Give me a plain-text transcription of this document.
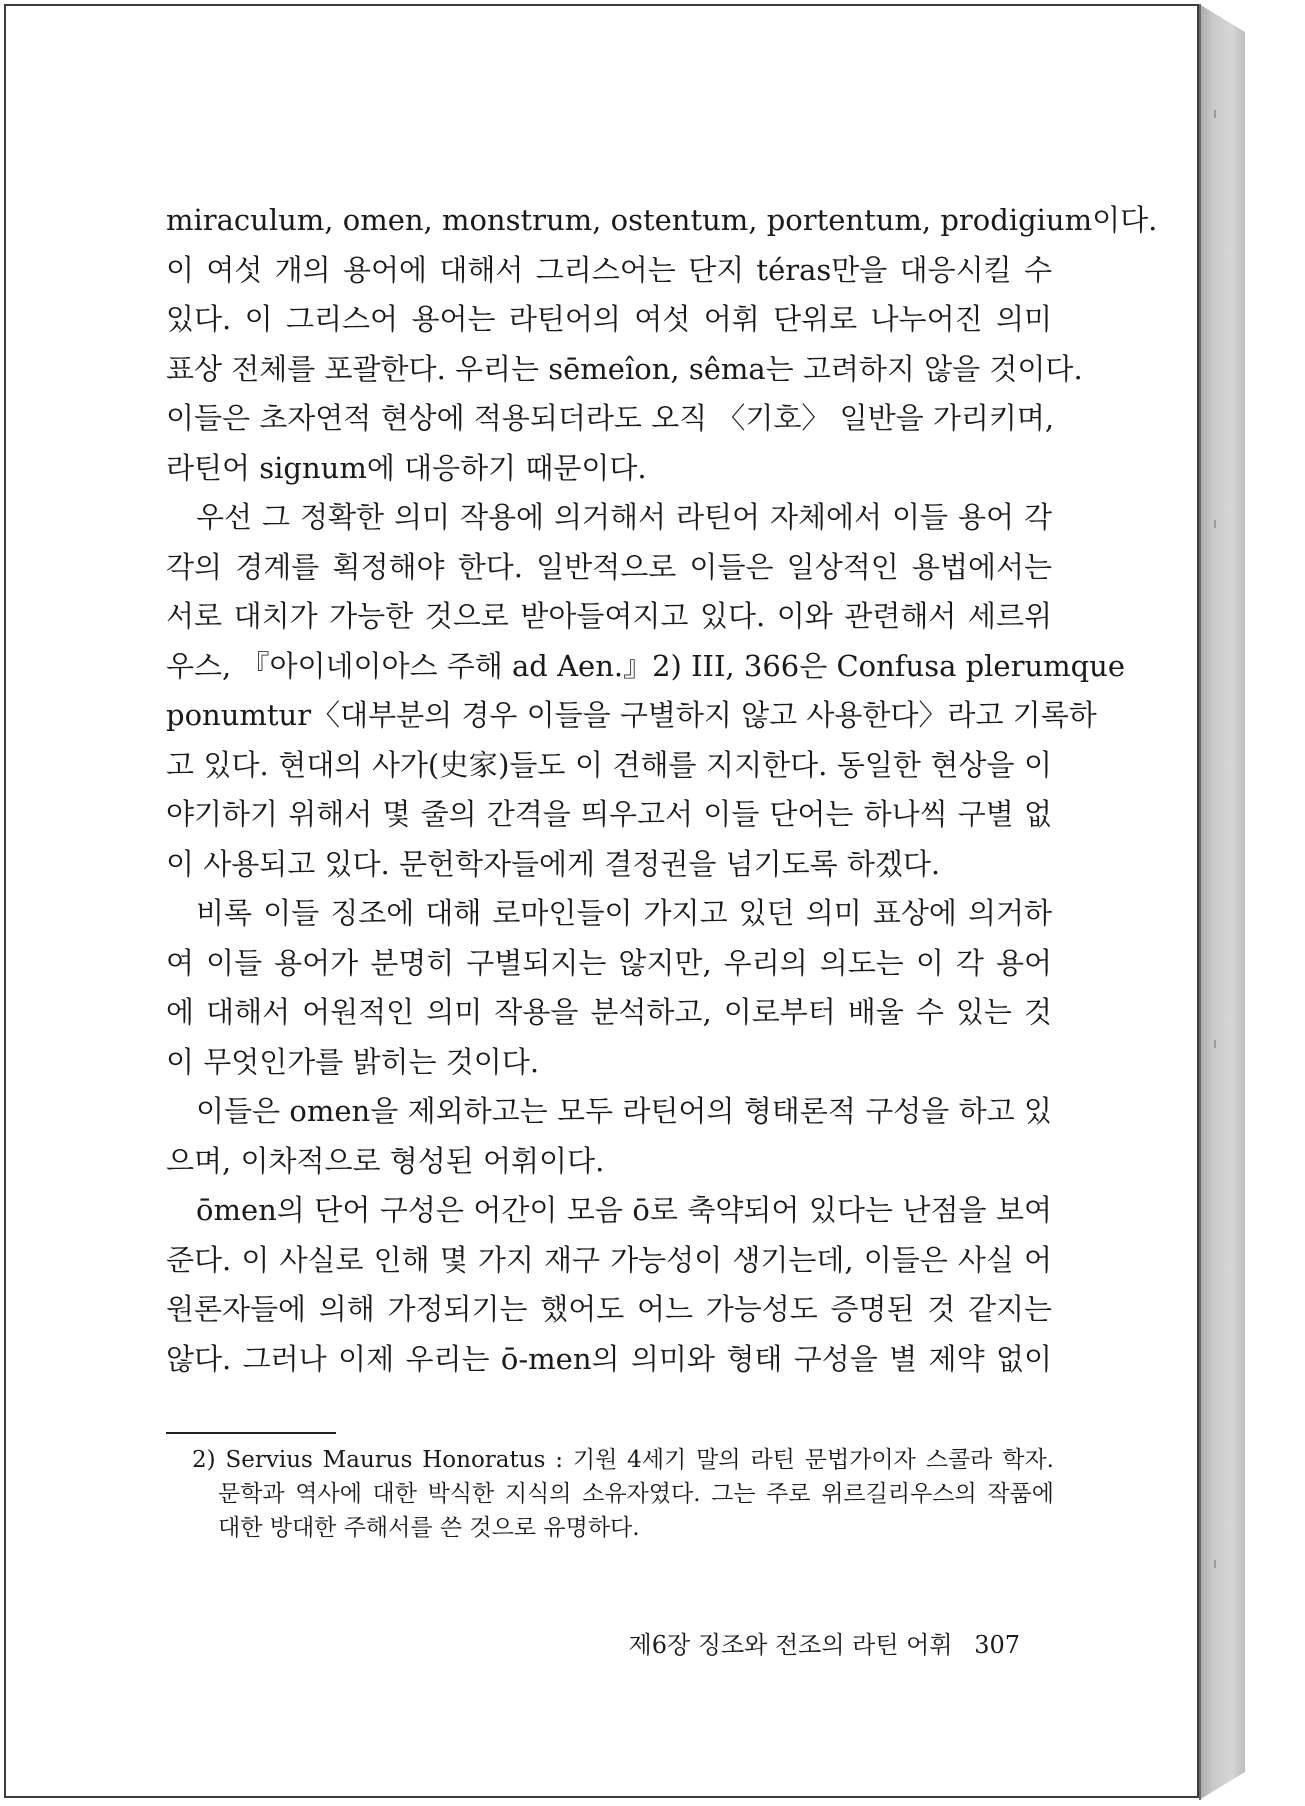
miraculum, omen, monstrum, ostentum, portentum, prodigium이다.
이 여섯 개의 용어에 대해서 그리스어는 단지 téras만을 대응시킬 수
있다. 이 그리스어 용어는 라틴어의 여섯 어휘 단위로 나누어진 의미
표상 전체를 포괄한다. 우리는 sēmeîon, sêma는 고려하지 않을 것이다.
이들은 초자연적 현상에 적용되더라도 오직 〈기호〉 일반을 가리키며,
라틴어 signum에 대응하기 때문이다.
우선 그 정확한 의미 작용에 의거해서 라틴어 자체에서 이들 용어 각
각의 경계를 획정해야 한다. 일반적으로 이들은 일상적인 용법에서는
서로 대치가 가능한 것으로 받아들여지고 있다. 이와 관련해서 세르위
우스, 『아이네이아스 주해 ad Aen.』2) III, 366은 Confusa plerumque
ponumtur〈대부분의 경우 이들을 구별하지 않고 사용한다〉라고 기록하
고 있다. 현대의 사가(史家)들도 이 견해를 지지한다. 동일한 현상을 이
야기하기 위해서 몇 줄의 간격을 띄우고서 이들 단어는 하나씩 구별 없
이 사용되고 있다. 문헌학자들에게 결정권을 넘기도록 하겠다.
비록 이들 징조에 대해 로마인들이 가지고 있던 의미 표상에 의거하
여 이들 용어가 분명히 구별되지는 않지만, 우리의 의도는 이 각 용어
에 대해서 어원적인 의미 작용을 분석하고, 이로부터 배울 수 있는 것
이 무엇인가를 밝히는 것이다.
이들은 omen을 제외하고는 모두 라틴어의 형태론적 구성을 하고 있
으며, 이차적으로 형성된 어휘이다.
ōmen의 단어 구성은 어간이 모음 ō로 축약되어 있다는 난점을 보여
준다. 이 사실로 인해 몇 가지 재구 가능성이 생기는데, 이들은 사실 어
원론자들에 의해 가정되기는 했어도 어느 가능성도 증명된 것 같지는
않다. 그러나 이제 우리는 ō-men의 의미와 형태 구성을 별 제약 없이
2) Servius Maurus Honoratus : 기원 4세기 말의 라틴 문법가이자 스콜라 학자.
문학과 역사에 대한 박식한 지식의 소유자였다. 그는 주로 위르길리우스의 작품에
대한 방대한 주해서를 쓴 것으로 유명하다.
제6장 징조와 전조의 라틴 어휘 307
